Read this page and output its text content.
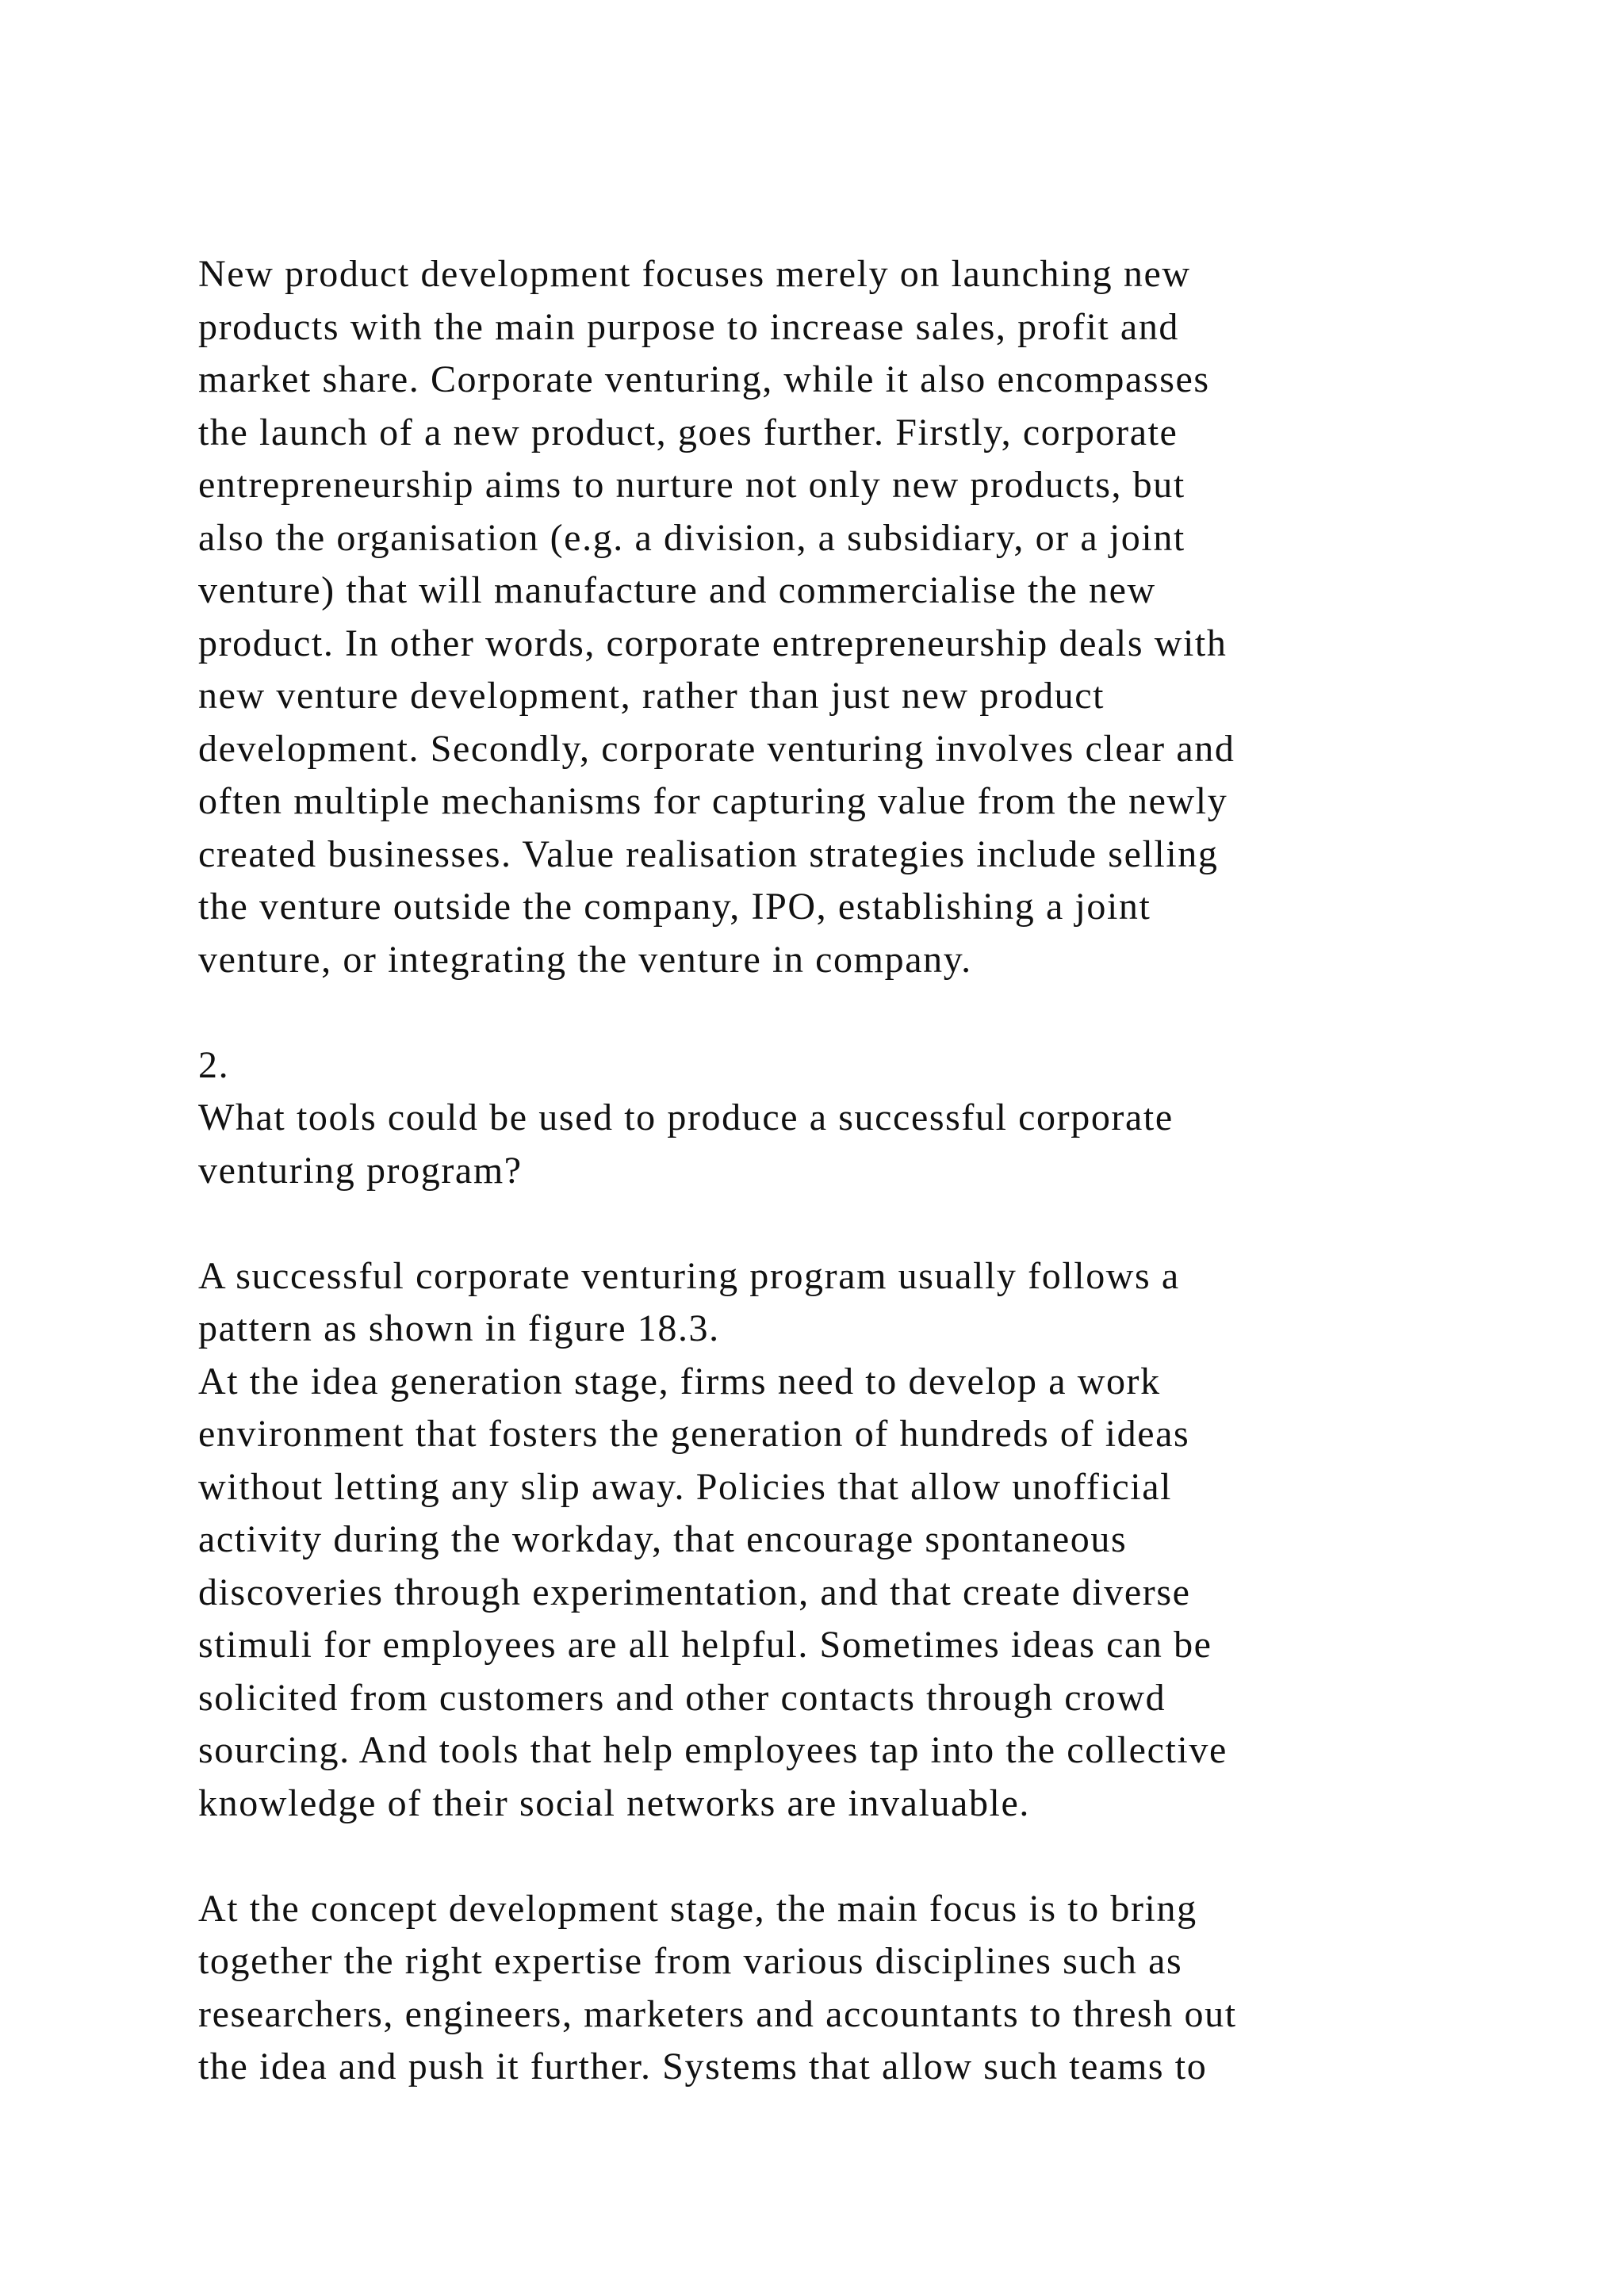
New product development focuses merely on launching new
products with the main purpose to increase sales, profit and
market share. Corporate venturing, while it also encompasses
the launch of a new product, goes further. Firstly, corporate
entrepreneurship aims to nurture not only new products, but
also the organisation (e.g. a division, a subsidiary, or a joint
venture) that will manufacture and commercialise the new
product. In other words, corporate entrepreneurship deals with
new venture development, rather than just new product
development. Secondly, corporate venturing involves clear and
often multiple mechanisms for capturing value from the newly
created businesses. Value realisation strategies include selling
the venture outside the company, IPO, establishing a joint
venture, or integrating the venture in company.
2.
What tools could be used to produce a successful corporate
venturing program?
A successful corporate venturing program usually follows a
pattern as shown in figure 18.3.
At the idea generation stage, firms need to develop a work
environment that fosters the generation of hundreds of ideas
without letting any slip away. Policies that allow unofficial
activity during the workday, that encourage spontaneous
discoveries through experimentation, and that create diverse
stimuli for employees are all helpful. Sometimes ideas can be
solicited from customers and other contacts through crowd
sourcing. And tools that help employees tap into the collective
knowledge of their social networks are invaluable.
At the concept development stage, the main focus is to bring
together the right expertise from various disciplines such as
researchers, engineers, marketers and accountants to thresh out
the idea and push it further. Systems that allow such teams to
